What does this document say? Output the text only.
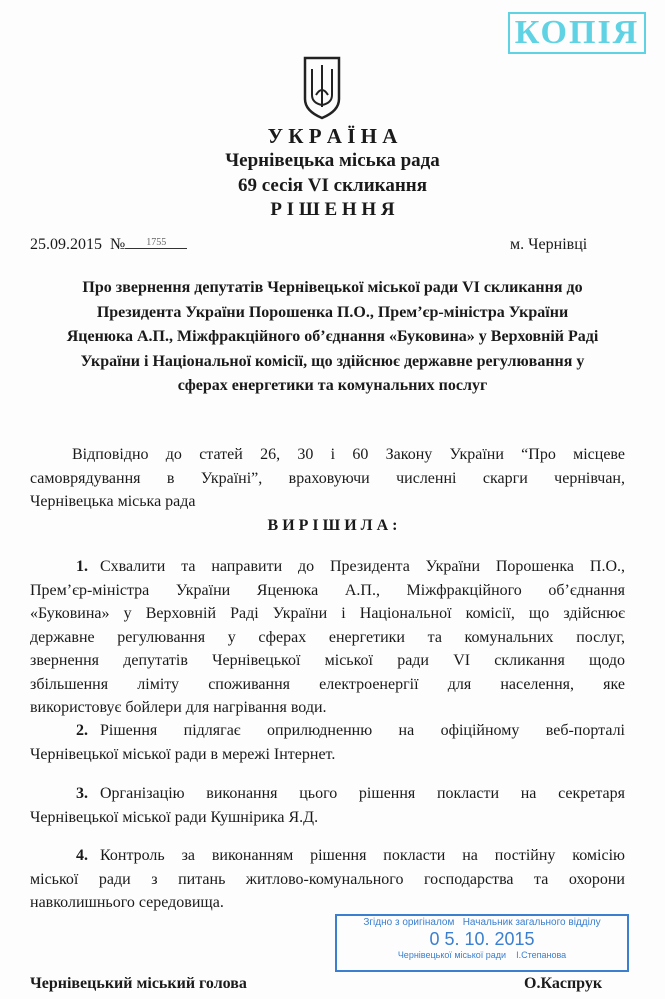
КОПІЯ
У К Р А Ї Н А
Чернівецька міська рада
69 сесія VI скликання
Р І Ш Е Н Н Я
25.09.2015 № 1755	м. Чернівці
Про звернення депутатів Чернівецької міської ради VI скликання до
Президента України Порошенка П.О., Прем’єр-міністра України
Яценюка А.П., Міжфракційного об’єднання «Буковина» у Верховній Раді
України і Національної комісії, що здійснює державне регулювання у
сферах енергетики та комунальних послуг
Відповідно до статей 26, 30 і 60 Закону України “Про місцеве
самоврядування в Україні”, враховуючи численні скарги чернівчан,
Чернівецька міська рада
В И Р І Ш И Л А :
Схвалити та направити до Президента України Порошенка П.О.,
1.
Прем’єр-міністра України Яценюка А.П., Міжфракційного об’єднання
«Буковина» у Верховній Раді України і Національної комісії, що здійснює
державне регулювання у сферах енергетики та комунальних послуг,
звернення депутатів Чернівецької міської ради VI скликання щодо
збільшення ліміту споживання електроенергії для населення, яке
використовує бойлери для нагрівання води.
Рішення підлягає оприлюдненню на офіційному веб-порталі
2.
Чернівецької міської ради в мережі Інтернет.
Організацію виконання цього рішення покласти на секретаря
3.
Чернівецької міської ради Кушнірика Я.Д.
Контроль за виконанням рішення покласти на постійну комісію
4.
міської ради з питань житлово-комунального господарства та охорони
навколишнього середовища.
Згідно з оригіналом Начальник загального відділу
0 5. 10. 2015
Чернівецької міської ради І.Степанова
Чернівецький міський голова	О.Каспрук
